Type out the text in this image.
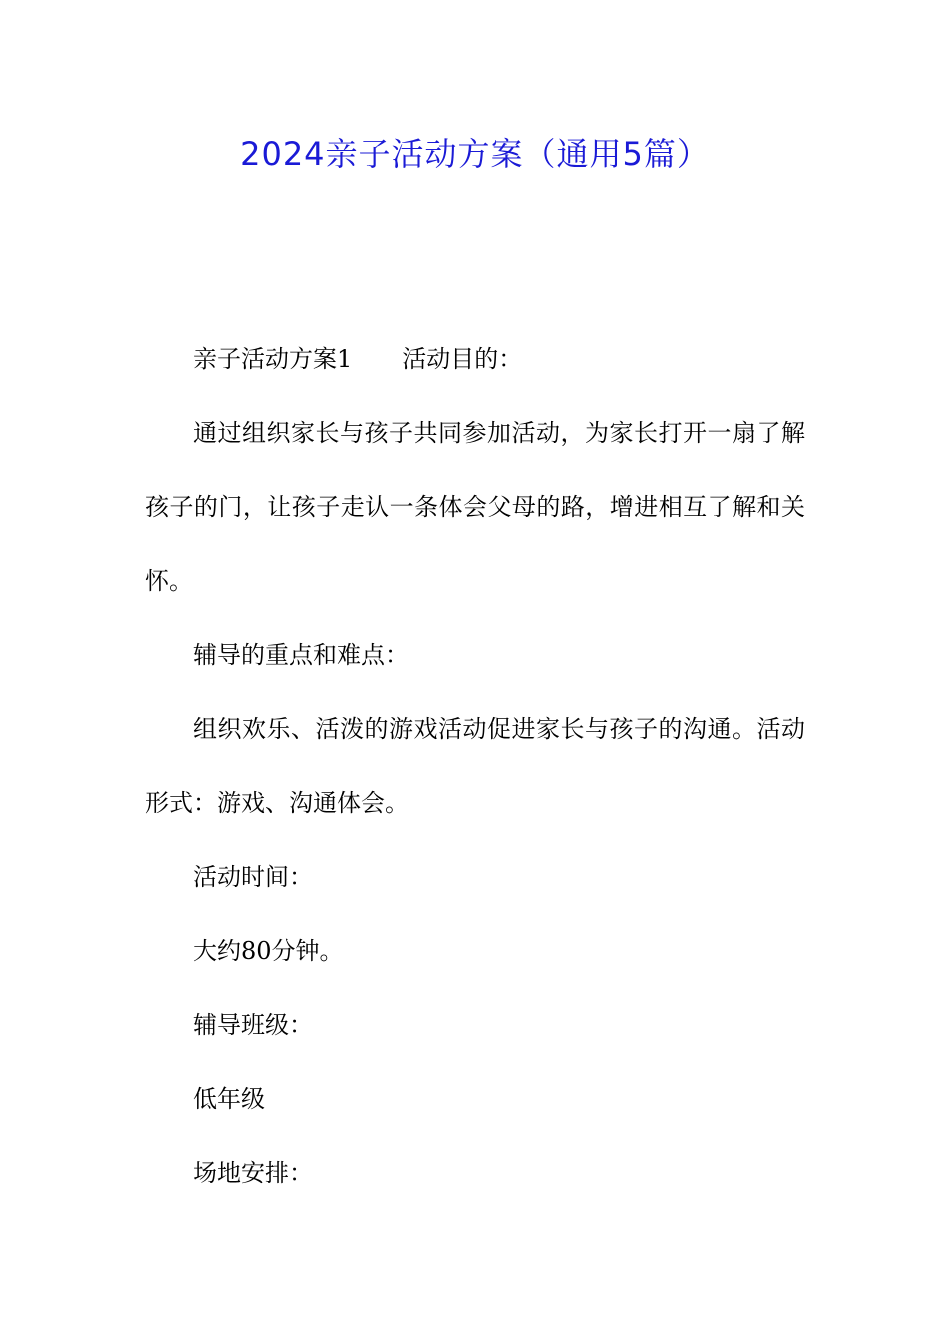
2024亲子活动方案（通用5篇）

亲子活动方案1 活动目的：

通过组织家长与孩子共同参加活动，为家长打开一扇了解孩子的门，让孩子走认一条体会父母的路，增进相互了解和关怀。

辅导的重点和难点：

组织欢乐、活泼的游戏活动促进家长与孩子的沟通。活动形式：游戏、沟通体会。

活动时间：

大约80分钟。

辅导班级：

低年级

场地安排：
